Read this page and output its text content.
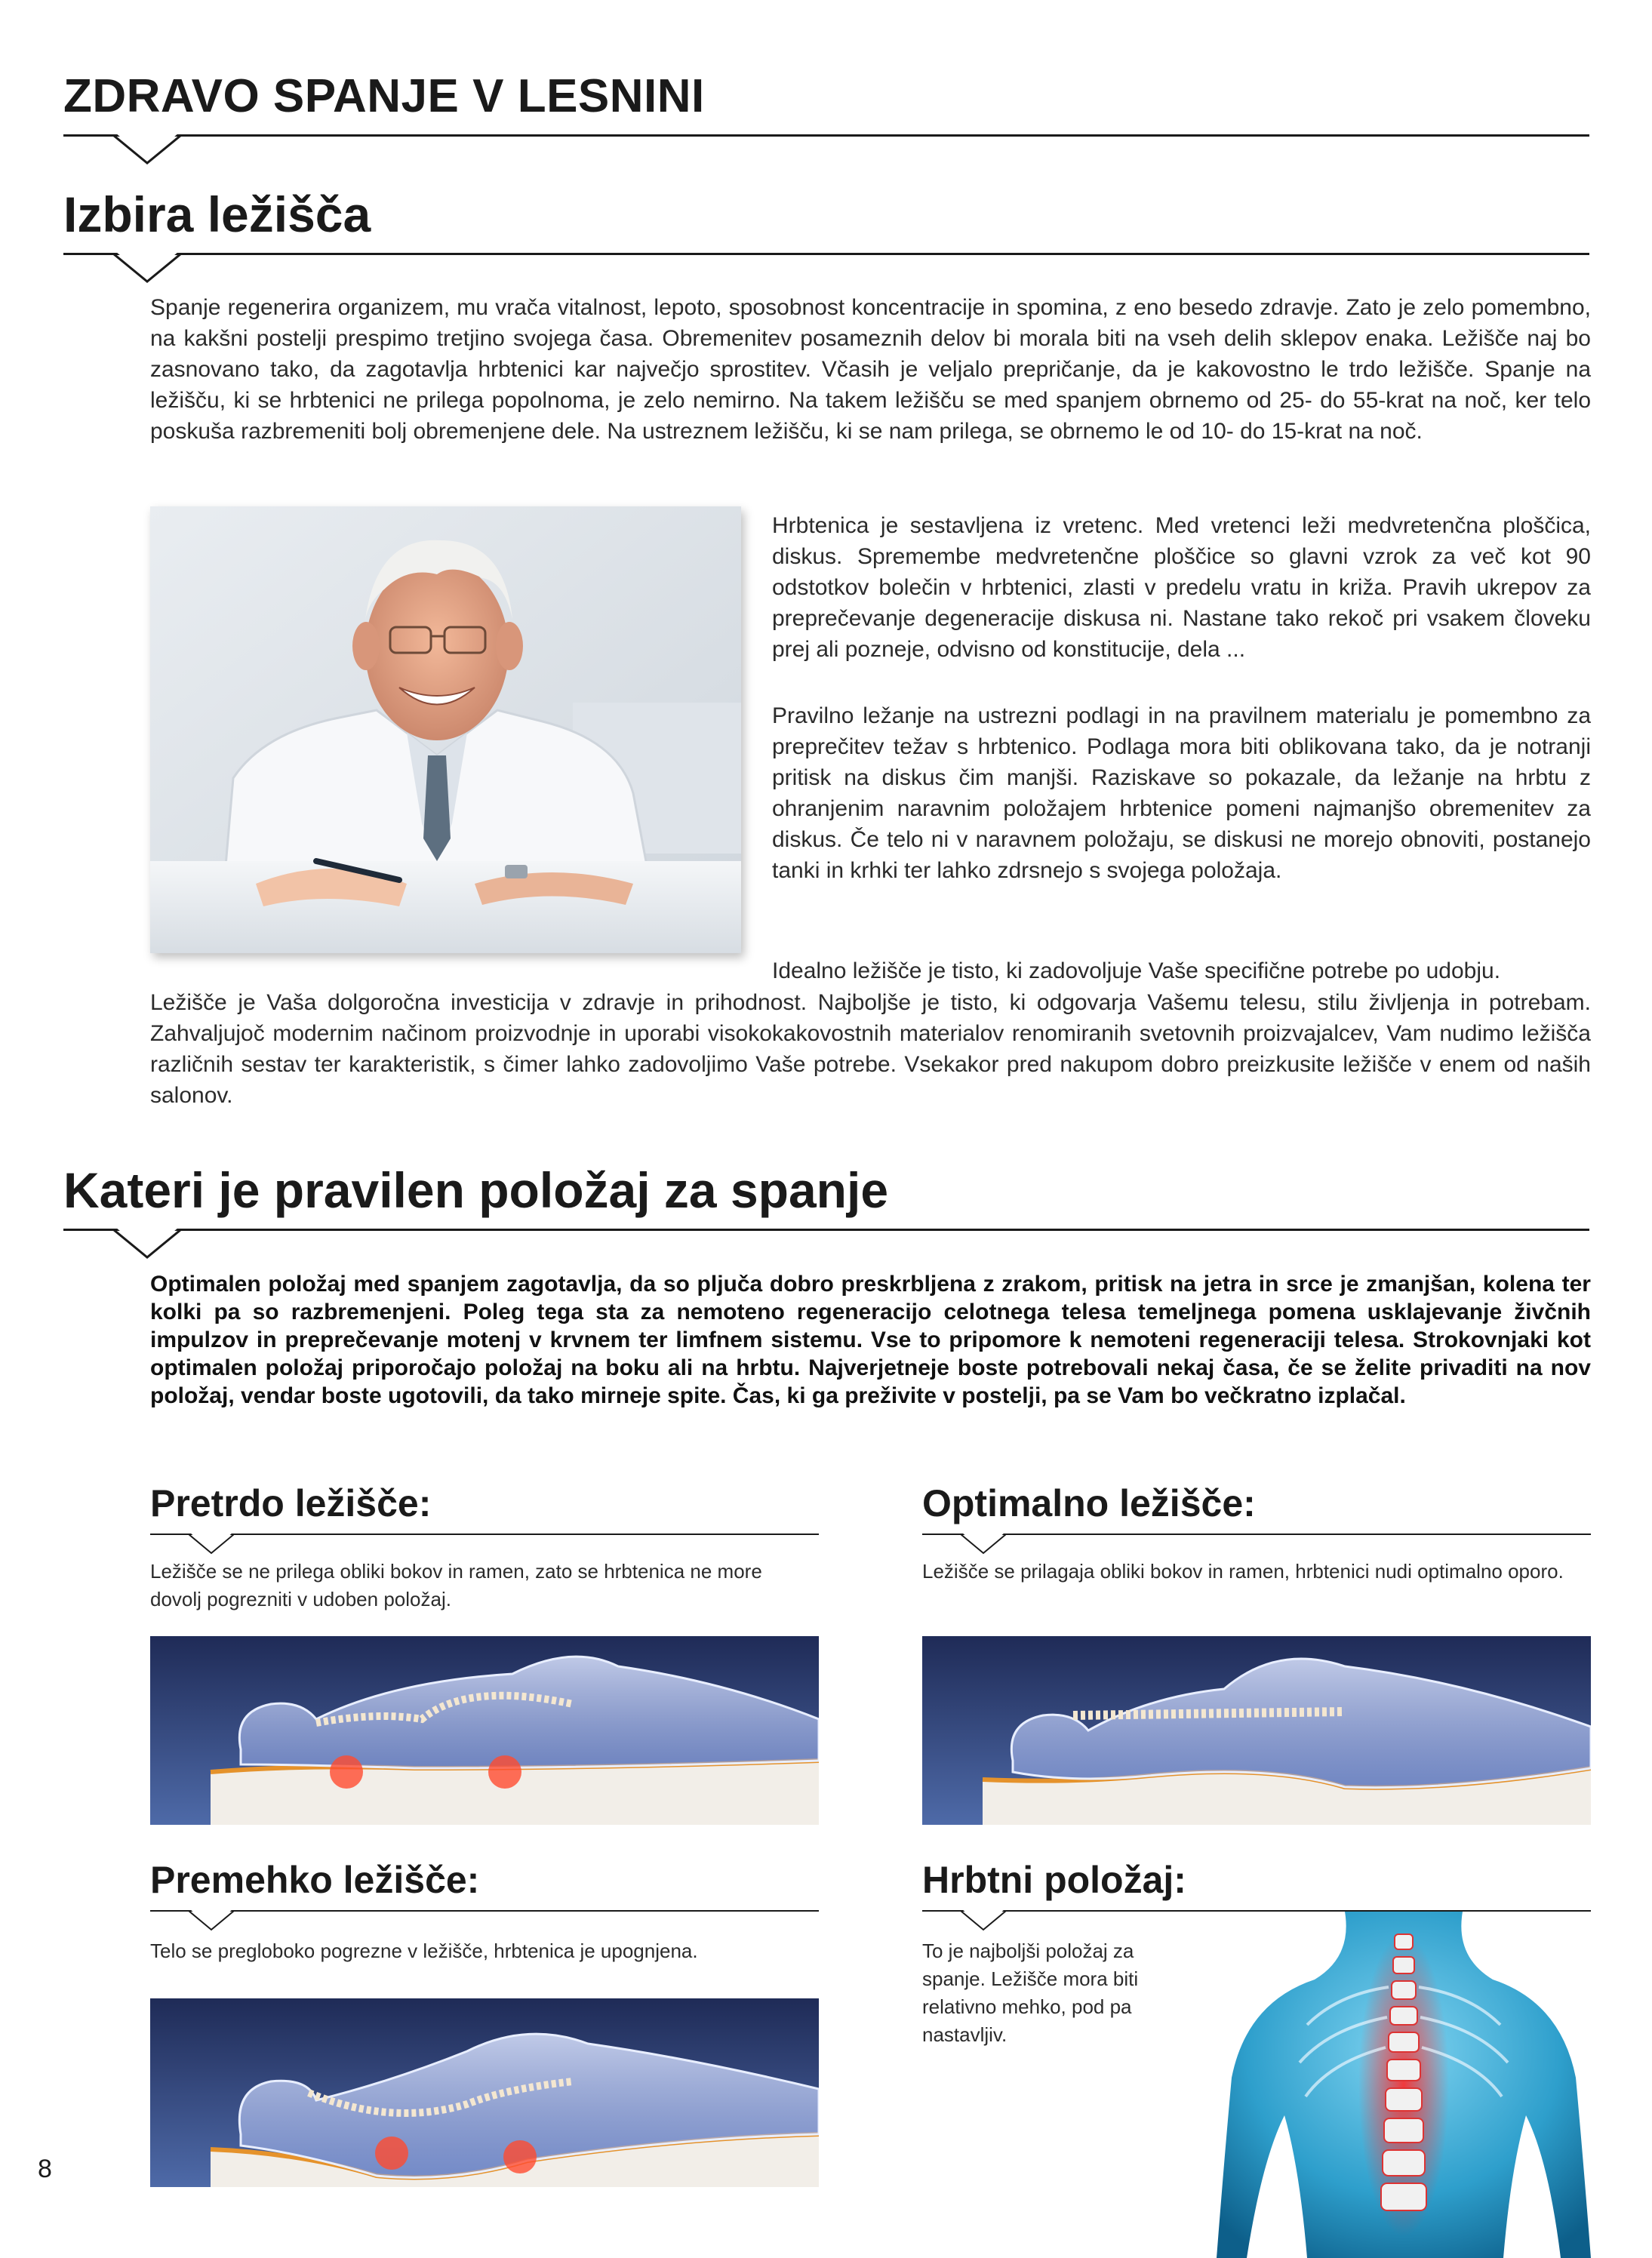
ZDRAVO SPANJE V LESNINI
Izbira ležišča
Spanje regenerira organizem, mu vrača vitalnost, lepoto, sposobnost koncentracije in spomina, z eno besedo zdravje. Zato je zelo pomembno, na kakšni postelji prespimo tretjino svojega časa. Obremenitev posameznih delov bi morala biti na vseh delih sklepov enaka. Ležišče naj bo zasnovano tako, da zagotavlja hrbtenici kar največjo sprostitev. Včasih je veljalo prepričanje, da je kakovostno le trdo ležišče. Spanje na ležišču, ki se hrbtenici ne prilega popolnoma, je zelo nemirno. Na takem ležišču se med spanjem obrnemo od 25- do 55-krat na noč, ker telo poskuša razbremeniti bolj obremenjene dele. Na ustreznem ležišču, ki se nam prilega, se obrnemo le od 10- do 15-krat na noč.
Hrbtenica je sestavljena iz vretenc. Med vretenci leži medvretenčna ploščica, diskus. Spremembe medvretenčne ploščice so glavni vzrok za več kot 90 odstotkov bolečin v hrbtenici, zlasti v predelu vratu in križa. Pravih ukrepov za preprečevanje degeneracije diskusa ni. Nastane tako rekoč pri vsakem človeku prej ali pozneje, odvisno od konstitucije, dela ...
Pravilno ležanje na ustrezni podlagi in na pravilnem materialu je pomembno za preprečitev težav s hrbtenico. Podlaga mora biti oblikovana tako, da je notranji pritisk na diskus čim manjši. Raziskave so pokazale, da ležanje na hrbtu z ohranjenim naravnim položajem hrbtenice pomeni najmanjšo obremenitev za diskus. Če telo ni v naravnem položaju, se diskusi ne morejo obnoviti, postanejo tanki in krhki ter lahko zdrsnejo s svojega položaja.
Idealno ležišče je tisto, ki zadovoljuje Vaše specifične potrebe po udobju.
Ležišče je Vaša dolgoročna investicija v zdravje in prihodnost. Najboljše je tisto, ki odgovarja Vašemu telesu, stilu življenja in potrebam. Zahvaljujoč modernim načinom proizvodnje in uporabi visokokakovostnih materialov renomiranih svetovnih proizvajalcev, Vam nudimo ležišča različnih sestav ter karakteristik, s čimer lahko zadovoljimo Vaše potrebe. Vsekakor pred nakupom dobro preizkusite ležišče v enem od naših salonov.
Kateri je pravilen položaj za spanje
Optimalen položaj med spanjem zagotavlja, da so pljuča dobro preskrbljena z zrakom, pritisk na jetra in srce je zmanjšan, kolena ter kolki pa so razbremenjeni. Poleg tega sta za nemoteno regeneracijo celotnega telesa temeljnega pomena usklajevanje živčnih impulzov in preprečevanje motenj v krvnem ter limfnem sistemu. Vse to pripomore k nemoteni regeneraciji telesa. Strokovnjaki kot optimalen položaj priporočajo položaj na boku ali na hrbtu. Najverjetneje boste potrebovali nekaj časa, če se želite privaditi na nov položaj, vendar boste ugotovili, da tako mirneje spite. Čas, ki ga preživite v postelji, pa se Vam bo večkratno izplačal.
Pretrdo ležišče:
Ležišče se ne prilega obliki bokov in ramen, zato se hrbtenica ne more dovolj pogrezniti v udoben položaj.
Optimalno ležišče:
Ležišče se prilagaja obliki bokov in ramen, hrbtenici nudi optimalno oporo.
Premehko ležišče:
Telo se pregloboko pogrezne v ležišče, hrbtenica je upognjena.
Hrbtni položaj:
To je najboljši položaj za spanje. Ležišče mora biti relativno mehko, pod pa nastavljiv.
8
